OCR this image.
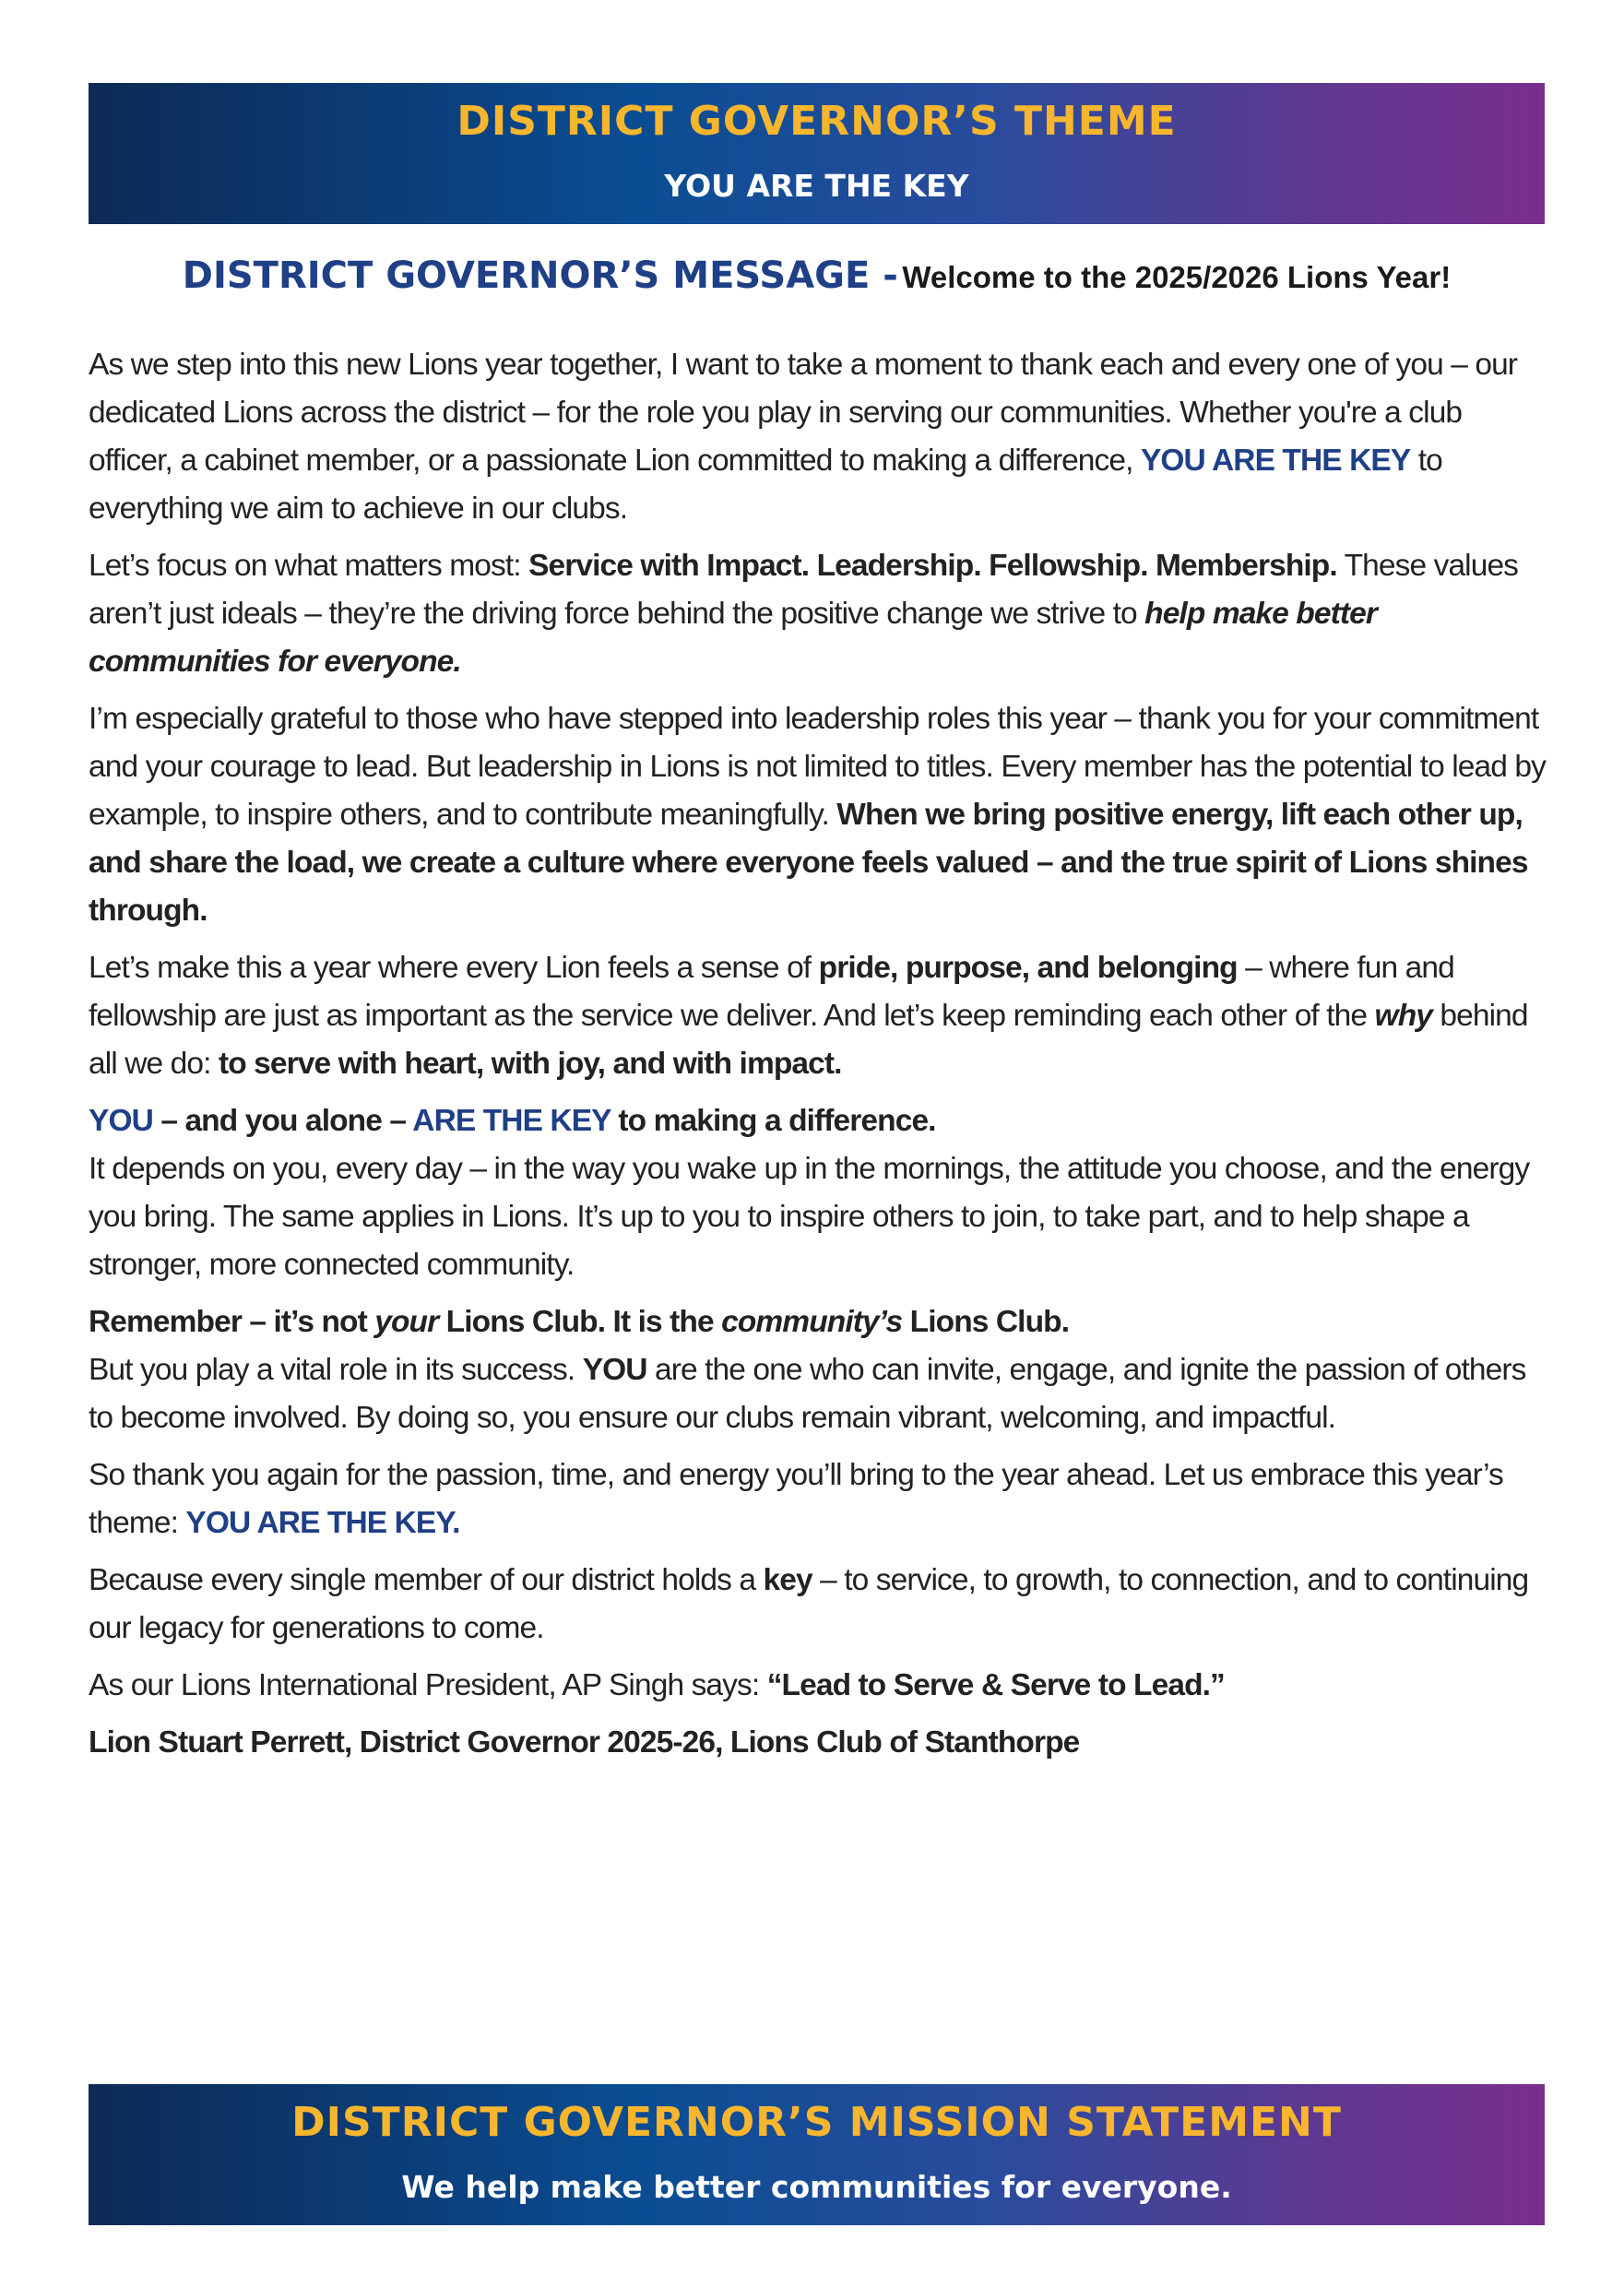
DISTRICT GOVERNOR’S THEME
YOU ARE THE KEY
DISTRICT GOVERNOR’S MESSAGE - Welcome to the 2025/2026 Lions Year!

As we step into this new Lions year together, I want to take a moment to thank each and every one of you – our dedicated Lions across the district – for the role you play in serving our communities. Whether you're a club officer, a cabinet member, or a passionate Lion committed to making a difference, YOU ARE THE KEY to everything we aim to achieve in our clubs.

Let’s focus on what matters most: Service with Impact. Leadership. Fellowship. Membership. These values aren’t just ideals – they’re the driving force behind the positive change we strive to help make better communities for everyone.

I’m especially grateful to those who have stepped into leadership roles this year – thank you for your commitment and your courage to lead. But leadership in Lions is not limited to titles. Every member has the potential to lead by example, to inspire others, and to contribute meaningfully. When we bring positive energy, lift each other up, and share the load, we create a culture where everyone feels valued – and the true spirit of Lions shines through.

Let’s make this a year where every Lion feels a sense of pride, purpose, and belonging – where fun and fellowship are just as important as the service we deliver. And let’s keep reminding each other of the why behind all we do: to serve with heart, with joy, and with impact.

YOU – and you alone – ARE THE KEY to making a difference.

It depends on you, every day – in the way you wake up in the mornings, the attitude you choose, and the energy you bring. The same applies in Lions. It’s up to you to inspire others to join, to take part, and to help shape a stronger, more connected community.

Remember – it’s not your Lions Club. It is the community’s Lions Club.

But you play a vital role in its success. YOU are the one who can invite, engage, and ignite the passion of others to become involved. By doing so, you ensure our clubs remain vibrant, welcoming, and impactful.

So thank you again for the passion, time, and energy you’ll bring to the year ahead. Let us embrace this year’s theme: YOU ARE THE KEY.

Because every single member of our district holds a key – to service, to growth, to connection, and to continuing our legacy for generations to come.

As our Lions International President, AP Singh says: “Lead to Serve & Serve to Lead.”

Lion Stuart Perrett, District Governor 2025-26, Lions Club of Stanthorpe

DISTRICT GOVERNOR’S MISSION STATEMENT
We help make better communities for everyone.
